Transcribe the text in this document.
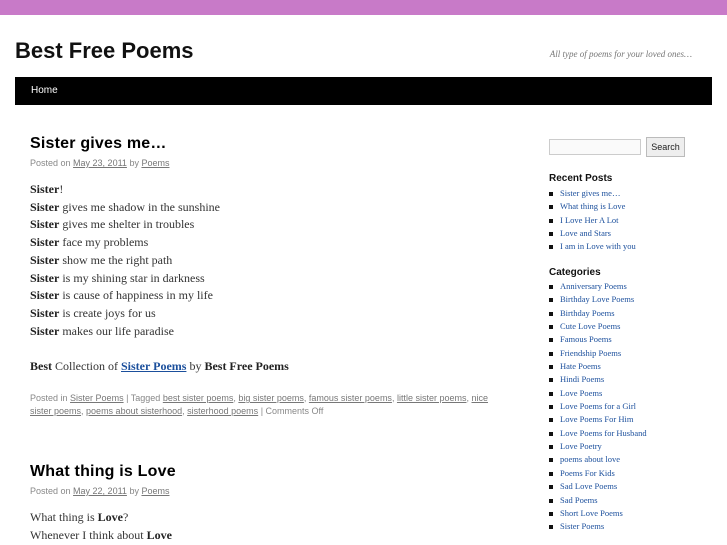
Best Free Poems	All type of poems for your loved ones…
Home
Sister gives me…
Posted on May 23, 2011 by Poems
Sister!
Sister gives me shadow in the sunshine
Sister gives me shelter in troubles
Sister face my problems
Sister show me the right path
Sister is my shining star in darkness
Sister is cause of happiness in my life
Sister is create joys for us
Sister makes our life paradise
Best Collection of Sister Poems by Best Free Poems
Posted in Sister Poems | Tagged best sister poems, big sister poems, famous sister poems, little sister poems, nice sister poems, poems about sisterhood, sisterhood poems | Comments Off
What thing is Love
Posted on May 22, 2011 by Poems
What thing is Love?
Whenever I think about Love
Search
Recent Posts
Sister gives me…
What thing is Love
I Love Her A Lot
Love and Stars
I am in Love with you
Categories
Anniversary Poems
Birthday Love Poems
Birthday Poems
Cute Love Poems
Famous Poems
Friendship Poems
Hate Poems
Hindi Poems
Love Poems
Love Poems for a Girl
Love Poems For Him
Love Poems for Husband
Love Poetry
poems about love
Poems For Kids
Sad Love Poems
Sad Poems
Short Love Poems
Sister Poems
